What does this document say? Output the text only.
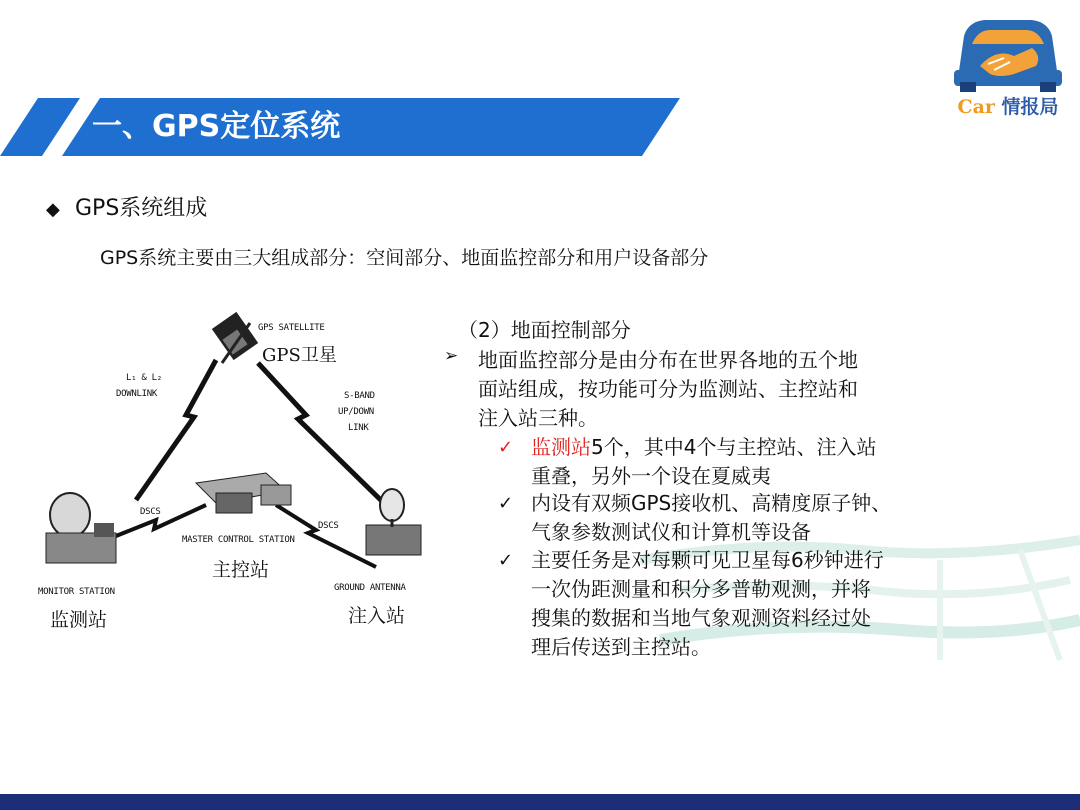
一、GPS定位系统
Car 情报局
◆ GPS系统组成
GPS系统主要由三大组成部分：空间部分、地面监控部分和用户设备部分
GPS SATELLITE
GPS卫星
L₁ & L₂
DOWNLINK	S-BAND
UP/DOWN
LINK
DSCS
DSCS
MASTER CONTROL STATION
主控站
MONITOR STATION
监测站
GROUND ANTENNA
注入站
（2）地面控制部分
➢ 地面监控部分是由分布在世界各地的五个地
面站组成，按功能可分为监测站、主控站和
注入站三种。
✓ 监测站5个，其中4个与主控站、注入站
重叠，另外一个设在夏威夷
✓ 内设有双频GPS接收机、高精度原子钟、
气象参数测试仪和计算机等设备
✓ 主要任务是对每颗可见卫星每6秒钟进行
一次伪距测量和积分多普勒观测，并将
搜集的数据和当地气象观测资料经过处
理后传送到主控站。
